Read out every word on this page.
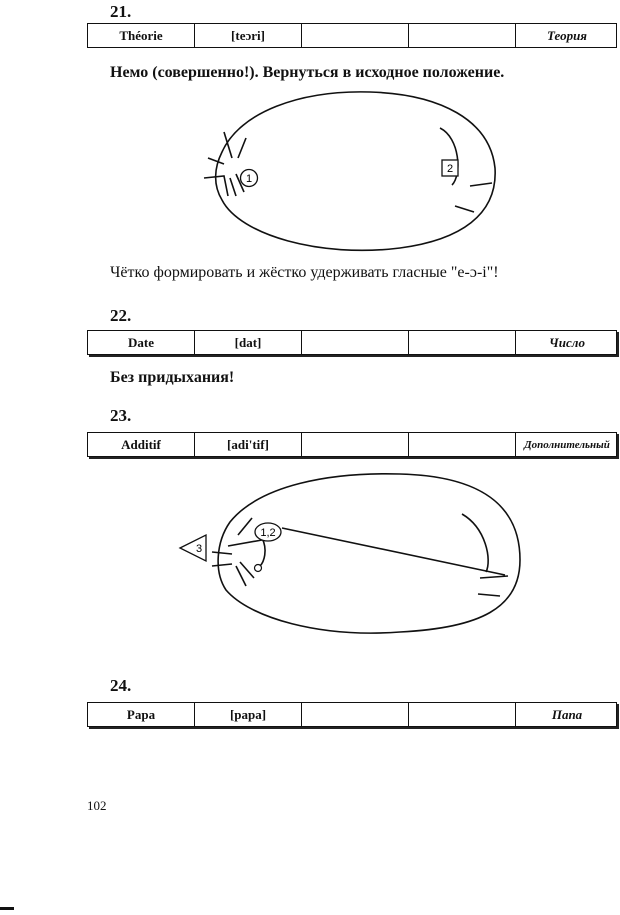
21.
Théorie	[teɔri]	Теория
Немо (совершенно!). Вернуться в исходное положение.
1
2
Чётко формировать и жёстко удерживать гласные "е-ɔ-i"!
22.
Date	[dat]	Число
Без придыхания!
23.
Additif	[adi'tif]	Дополнительный
1,2
3
24.
Papa	[papa]	Папа
102
